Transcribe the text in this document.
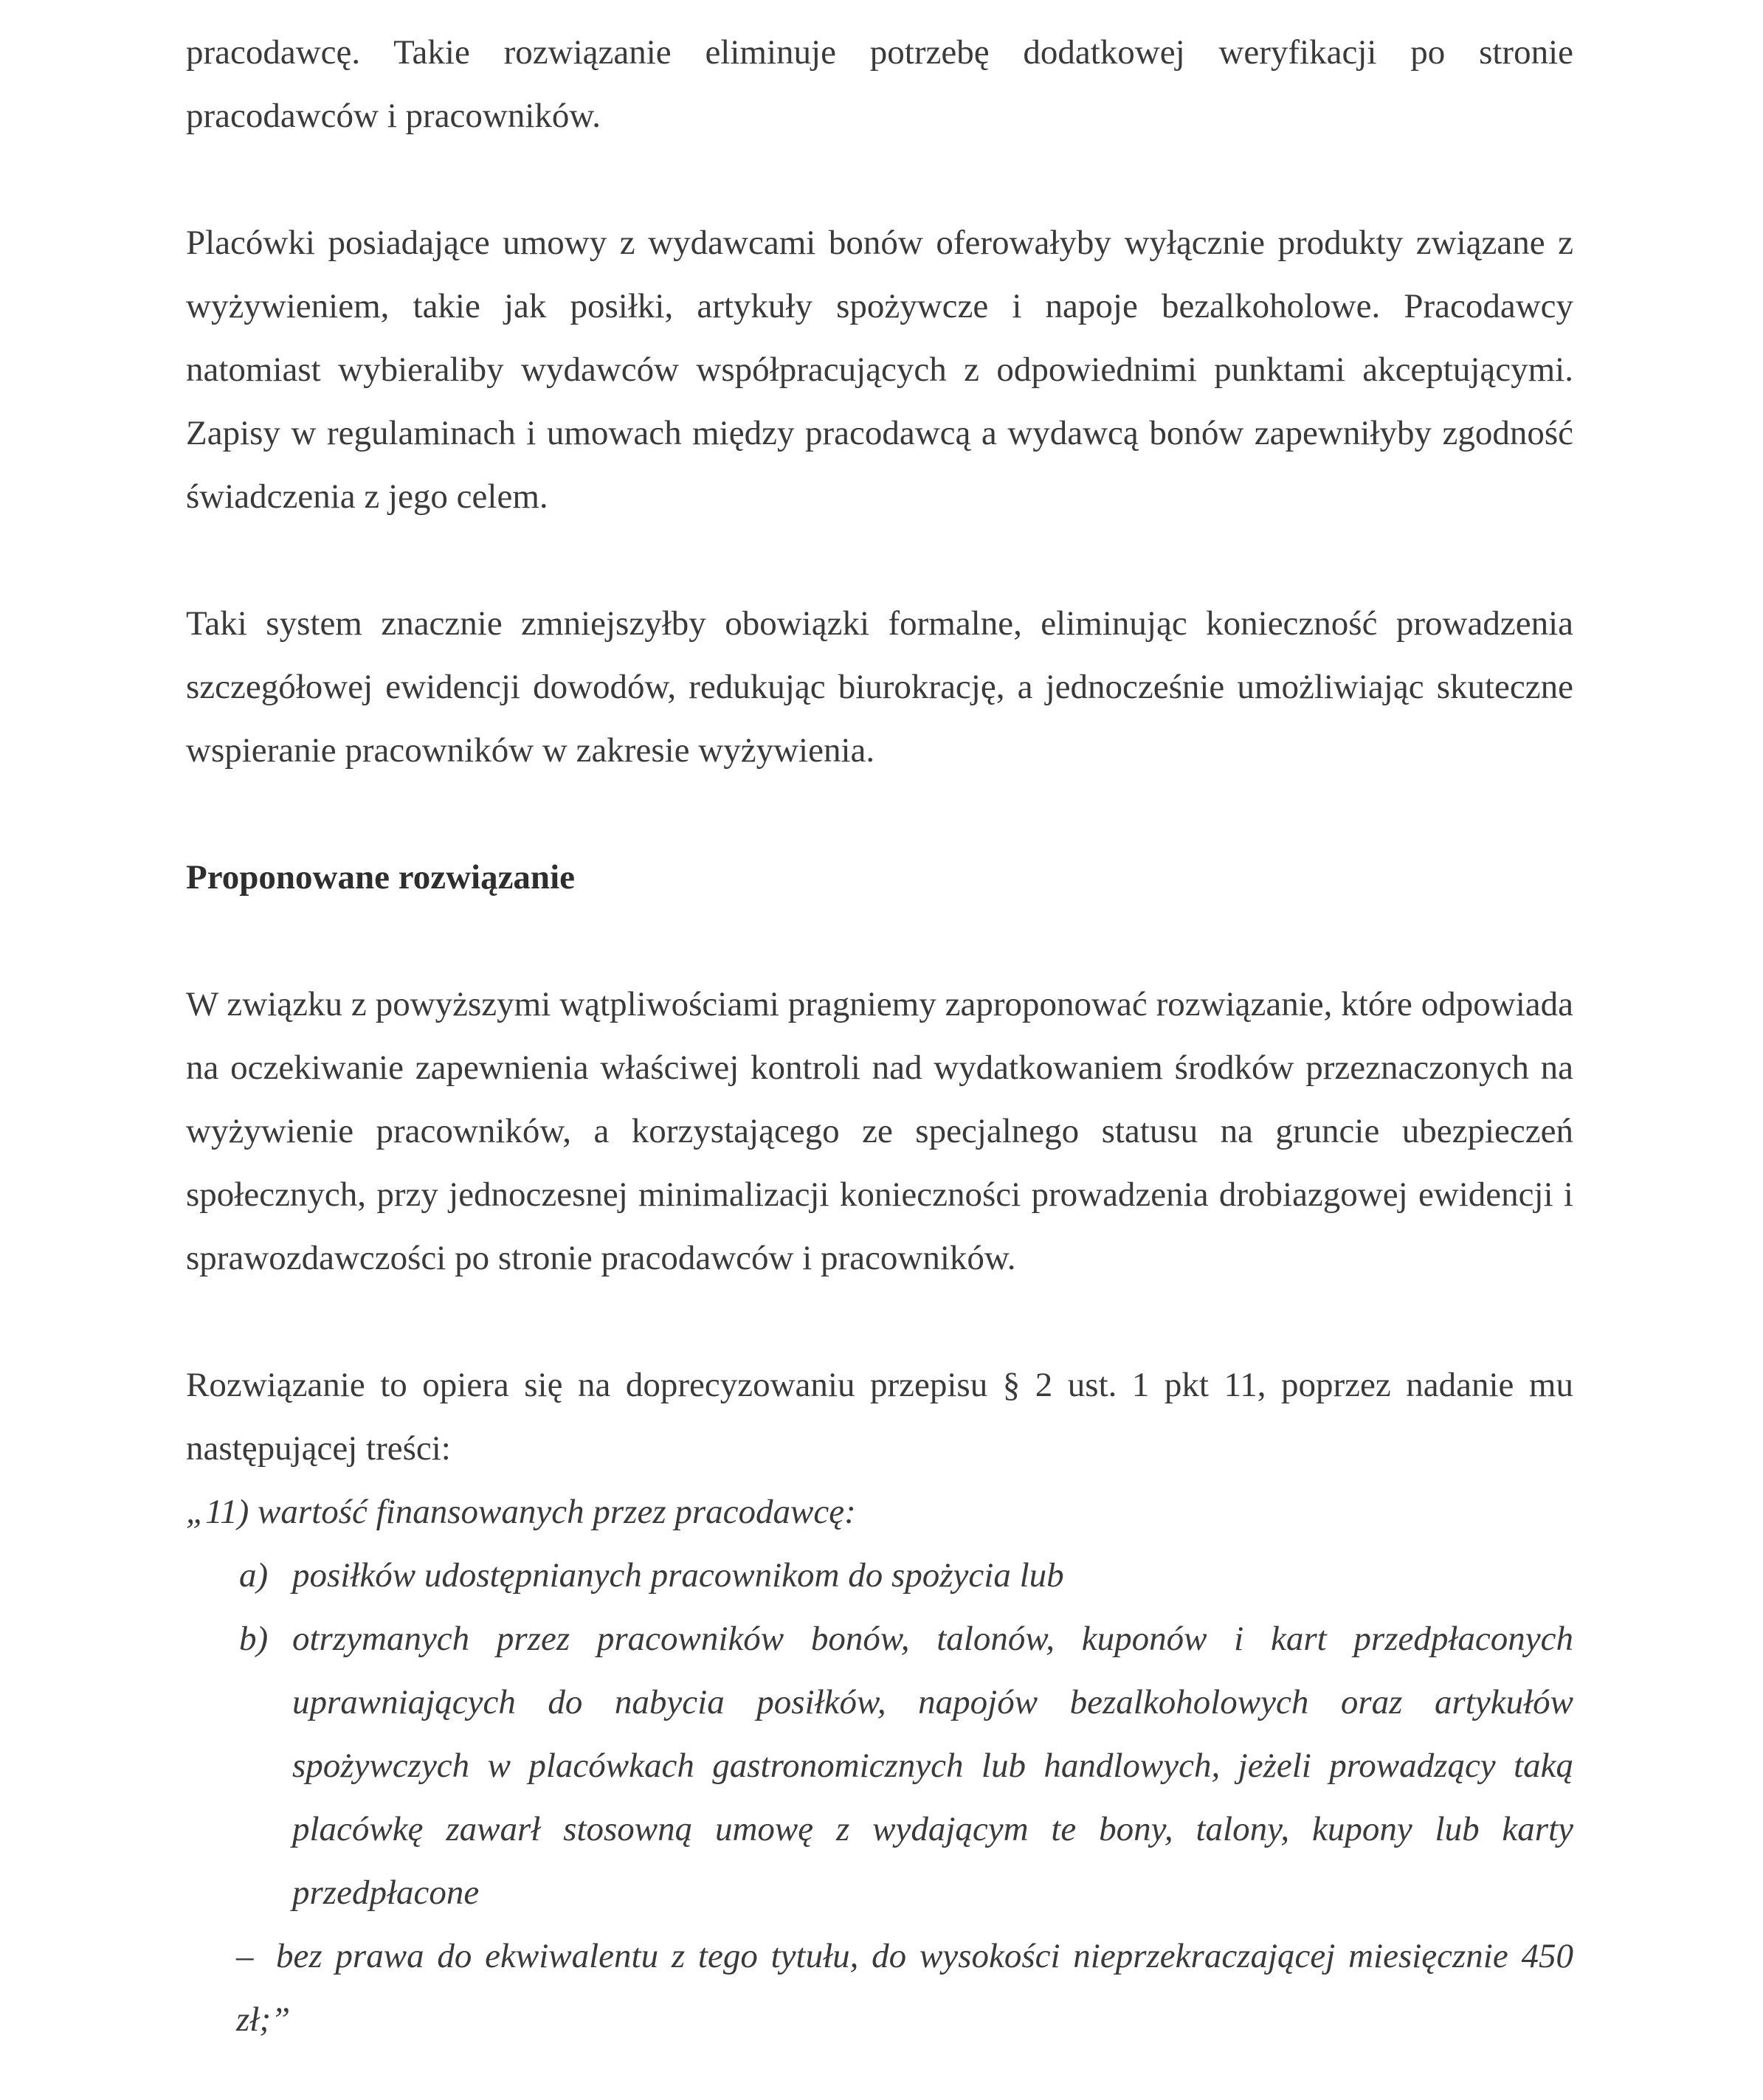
pracodawcę. Takie rozwiązanie eliminuje potrzebę dodatkowej weryfikacji po stronie pracodawców i pracowników.

Placówki posiadające umowy z wydawcami bonów oferowałyby wyłącznie produkty związane z wyżywieniem, takie jak posiłki, artykuły spożywcze i napoje bezalkoholowe. Pracodawcy natomiast wybieraliby wydawców współpracujących z odpowiednimi punktami akceptującymi. Zapisy w regulaminach i umowach między pracodawcą a wydawcą bonów zapewniłyby zgodność świadczenia z jego celem.

Taki system znacznie zmniejszyłby obowiązki formalne, eliminując konieczność prowadzenia szczegółowej ewidencji dowodów, redukując biurokrację, a jednocześnie umożliwiając skuteczne wspieranie pracowników w zakresie wyżywienia.

Proponowane rozwiązanie

W związku z powyższymi wątpliwościami pragniemy zaproponować rozwiązanie, które odpowiada na oczekiwanie zapewnienia właściwej kontroli nad wydatkowaniem środków przeznaczonych na wyżywienie pracowników, a korzystającego ze specjalnego statusu na gruncie ubezpieczeń społecznych, przy jednoczesnej minimalizacji konieczności prowadzenia drobiazgowej ewidencji i sprawozdawczości po stronie pracodawców i pracowników.

Rozwiązanie to opiera się na doprecyzowaniu przepisu § 2 ust. 1 pkt 11, poprzez nadanie mu następującej treści:

„11) wartość finansowanych przez pracodawcę:

a) posiłków udostępnianych pracownikom do spożycia lub
b) otrzymanych przez pracowników bonów, talonów, kuponów i kart przedpłaconych uprawniających do nabycia posiłków, napojów bezalkoholowych oraz artykułów spożywczych w placówkach gastronomicznych lub handlowych, jeżeli prowadzący taką placówkę zawarł stosowną umowę z wydającym te bony, talony, kupony lub karty przedpłacone
– bez prawa do ekwiwalentu z tego tytułu, do wysokości nieprzekraczającej miesięcznie 450 zł;”
